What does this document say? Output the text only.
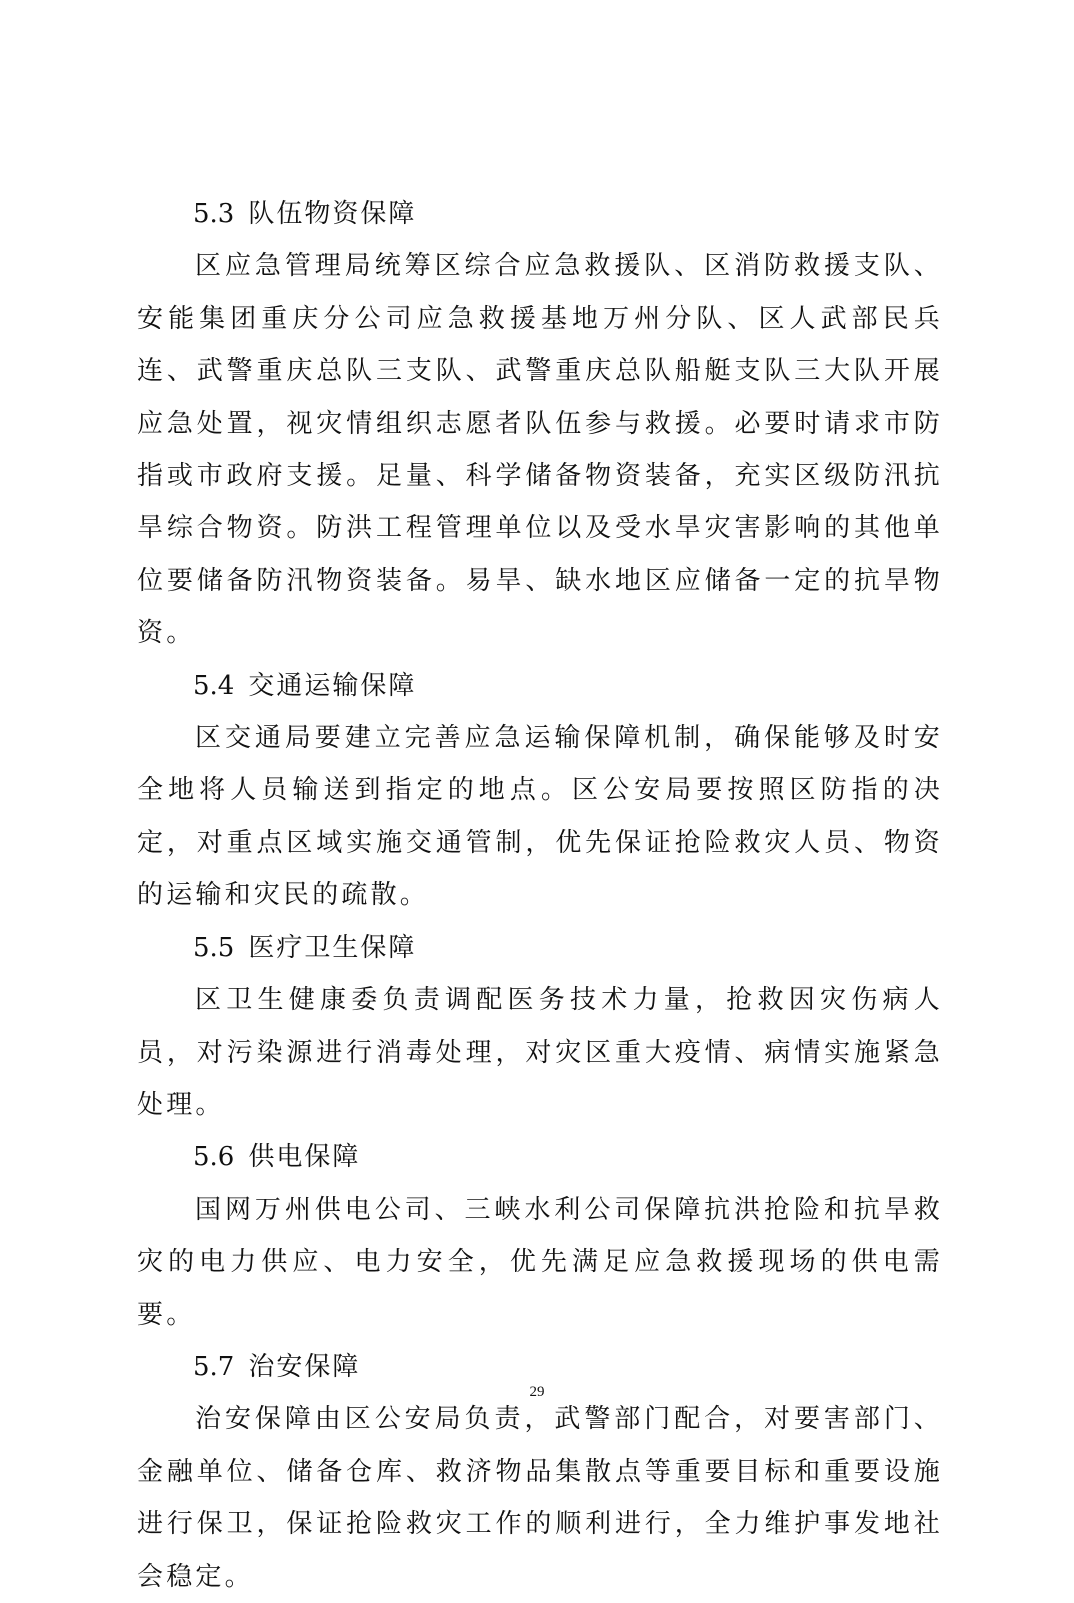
5.3 队伍物资保障

区应急管理局统筹区综合应急救援队、区消防救援支队、安能集团重庆分公司应急救援基地万州分队、区人武部民兵连、武警重庆总队三支队、武警重庆总队船艇支队三大队开展应急处置，视灾情组织志愿者队伍参与救援。必要时请求市防指或市政府支援。足量、科学储备物资装备，充实区级防汛抗旱综合物资。防洪工程管理单位以及受水旱灾害影响的其他单位要储备防汛物资装备。易旱、缺水地区应储备一定的抗旱物资。

5.4 交通运输保障

区交通局要建立完善应急运输保障机制，确保能够及时安全地将人员输送到指定的地点。区公安局要按照区防指的决定，对重点区域实施交通管制，优先保证抢险救灾人员、物资的运输和灾民的疏散。

5.5 医疗卫生保障

区卫生健康委负责调配医务技术力量，抢救因灾伤病人员，对污染源进行消毒处理，对灾区重大疫情、病情实施紧急处理。

5.6 供电保障

国网万州供电公司、三峡水利公司保障抗洪抢险和抗旱救灾的电力供应、电力安全，优先满足应急救援现场的供电需要。

5.7 治安保障

治安保障由区公安局负责，武警部门配合，对要害部门、金融单位、储备仓库、救济物品集散点等重要目标和重要设施进行保卫，保证抢险救灾工作的顺利进行，全力维护事发地社会稳定。

29
